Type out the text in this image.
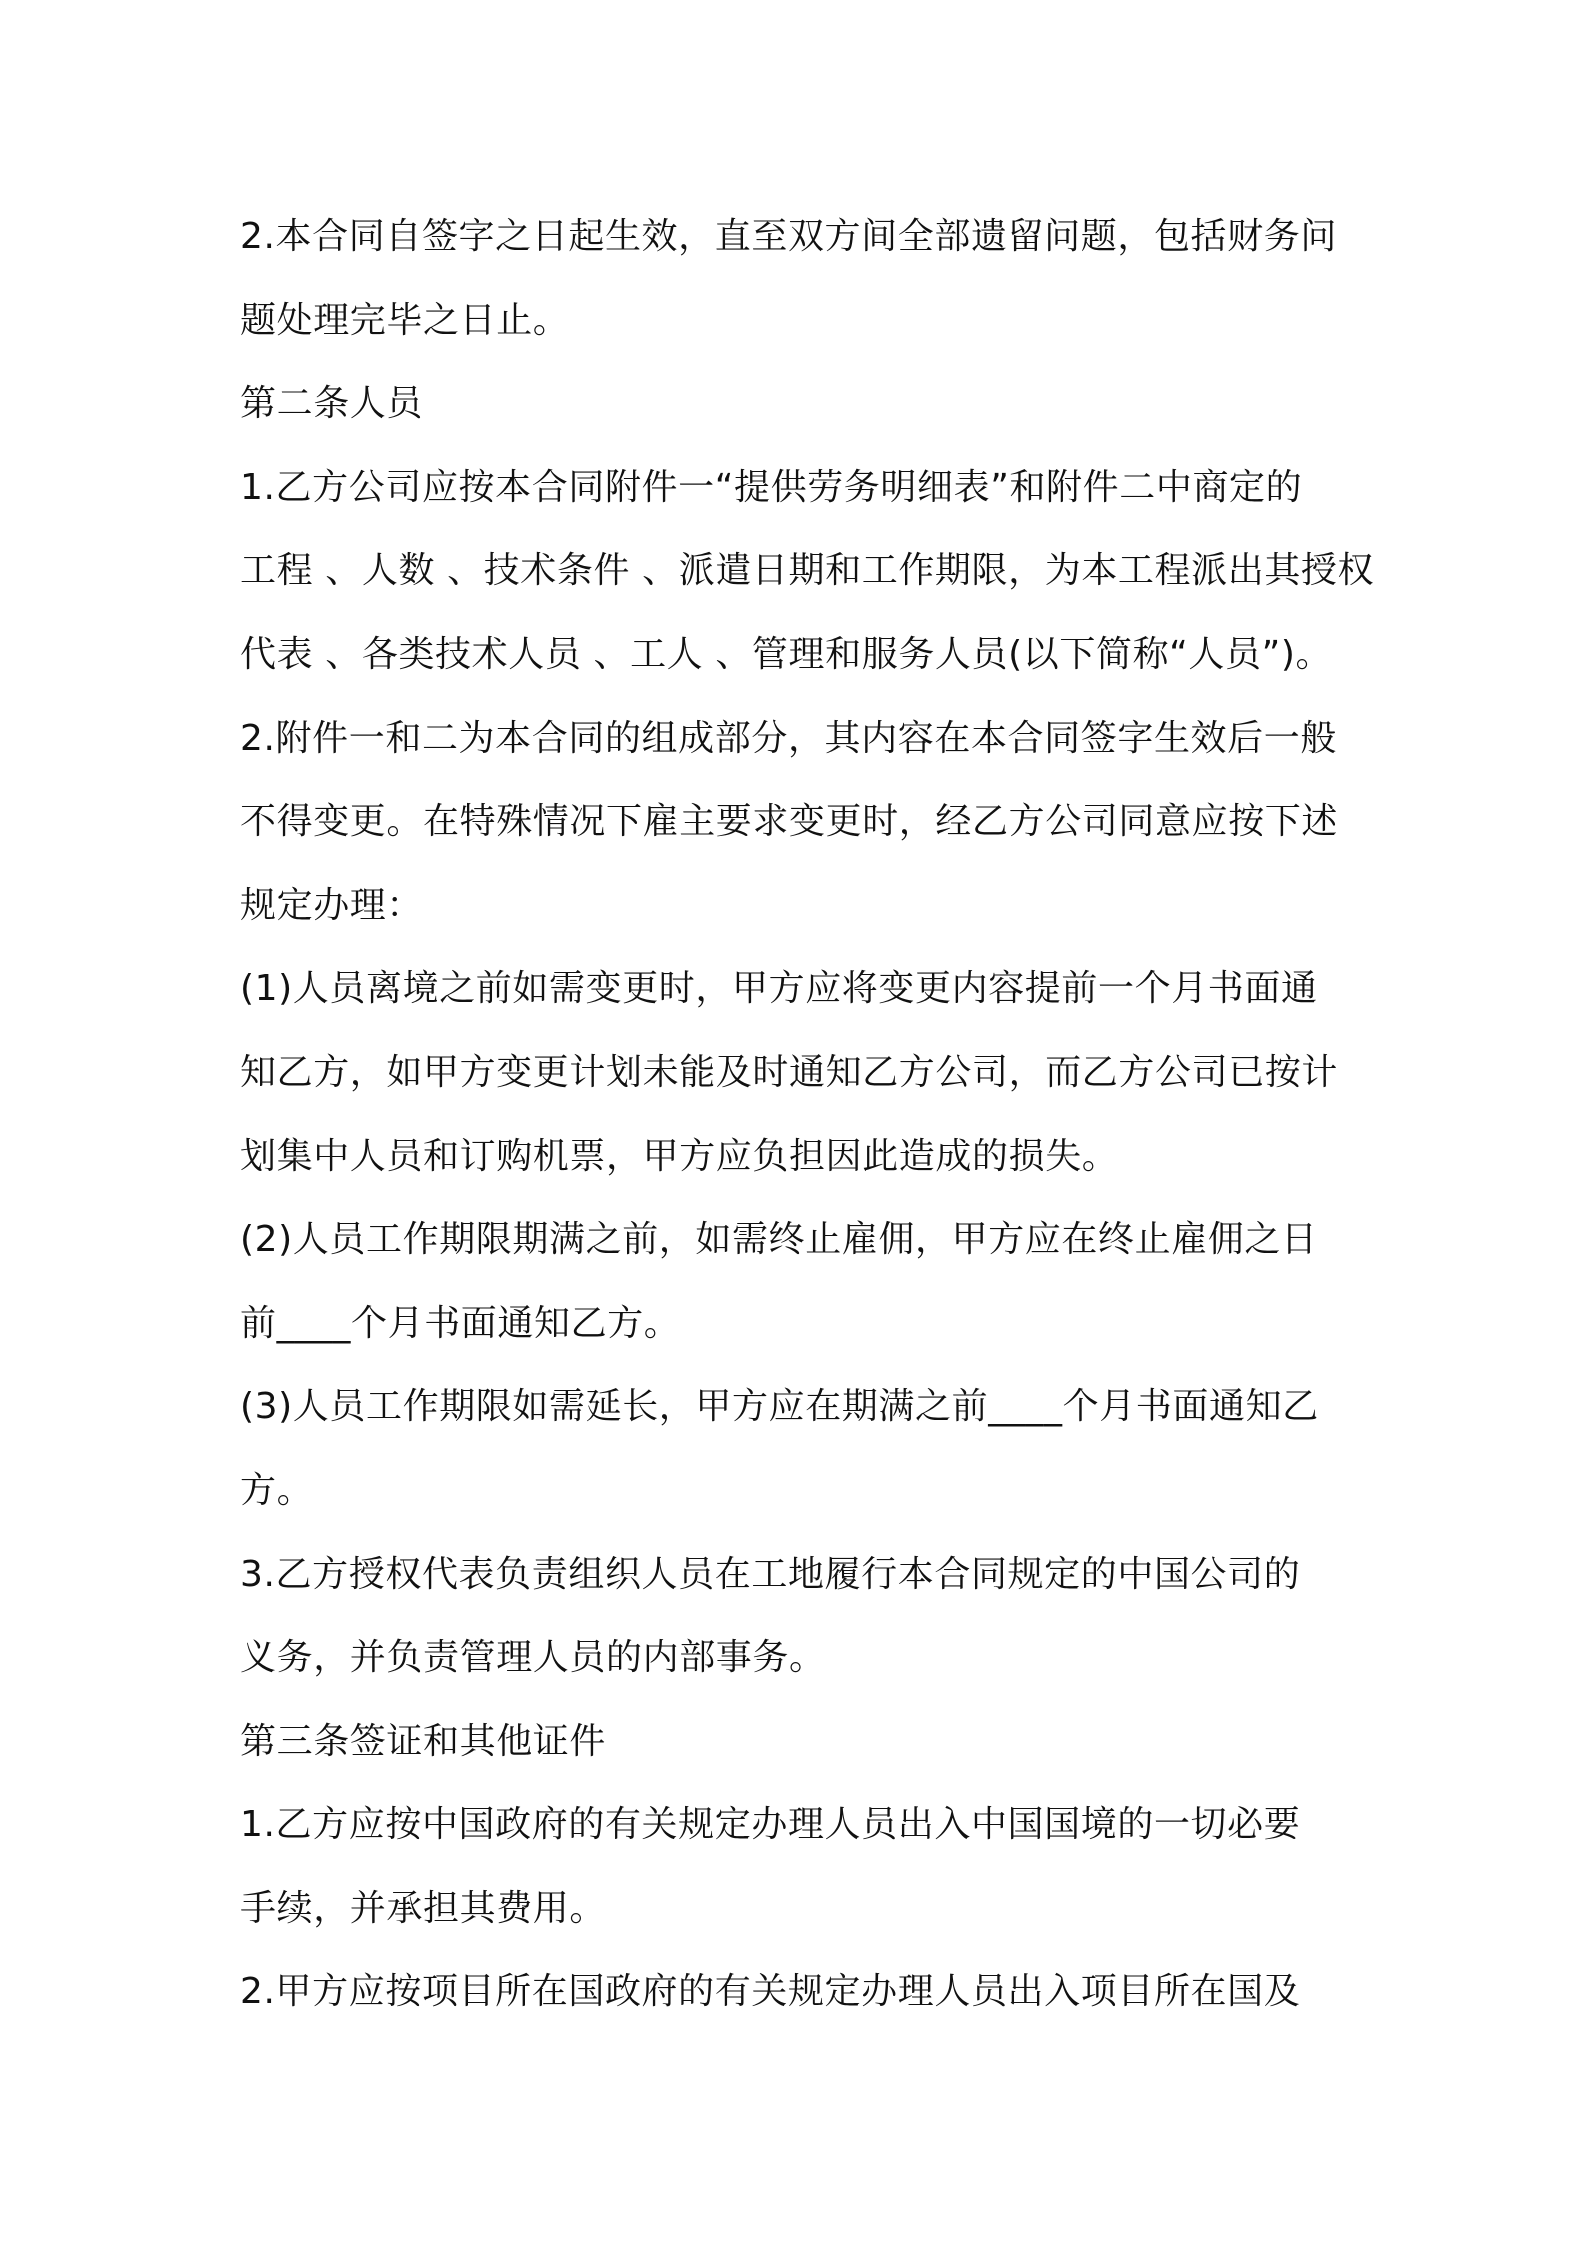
2.本合同自签字之日起生效，直至双方间全部遗留问题，包括财务问
题处理完毕之日止。
第二条人员
1.乙方公司应按本合同附件一“提供劳务明细表”和附件二中商定的
工程 、人数 、技术条件 、派遣日期和工作期限，为本工程派出其授权
代表 、各类技术人员 、工人 、管理和服务人员(以下简称“人员”)。
2.附件一和二为本合同的组成部分，其内容在本合同签字生效后一般
不得变更。在特殊情况下雇主要求变更时，经乙方公司同意应按下述
规定办理：
(1)人员离境之前如需变更时，甲方应将变更内容提前一个月书面通
知乙方，如甲方变更计划未能及时通知乙方公司，而乙方公司已按计
划集中人员和订购机票，甲方应负担因此造成的损失。
(2)人员工作期限期满之前，如需终止雇佣，甲方应在终止雇佣之日
前____个月书面通知乙方。
(3)人员工作期限如需延长，甲方应在期满之前____个月书面通知乙
方。
3.乙方授权代表负责组织人员在工地履行本合同规定的中国公司的
义务，并负责管理人员的内部事务。
第三条签证和其他证件
1.乙方应按中国政府的有关规定办理人员出入中国国境的一切必要
手续，并承担其费用。
2.甲方应按项目所在国政府的有关规定办理人员出入项目所在国及
